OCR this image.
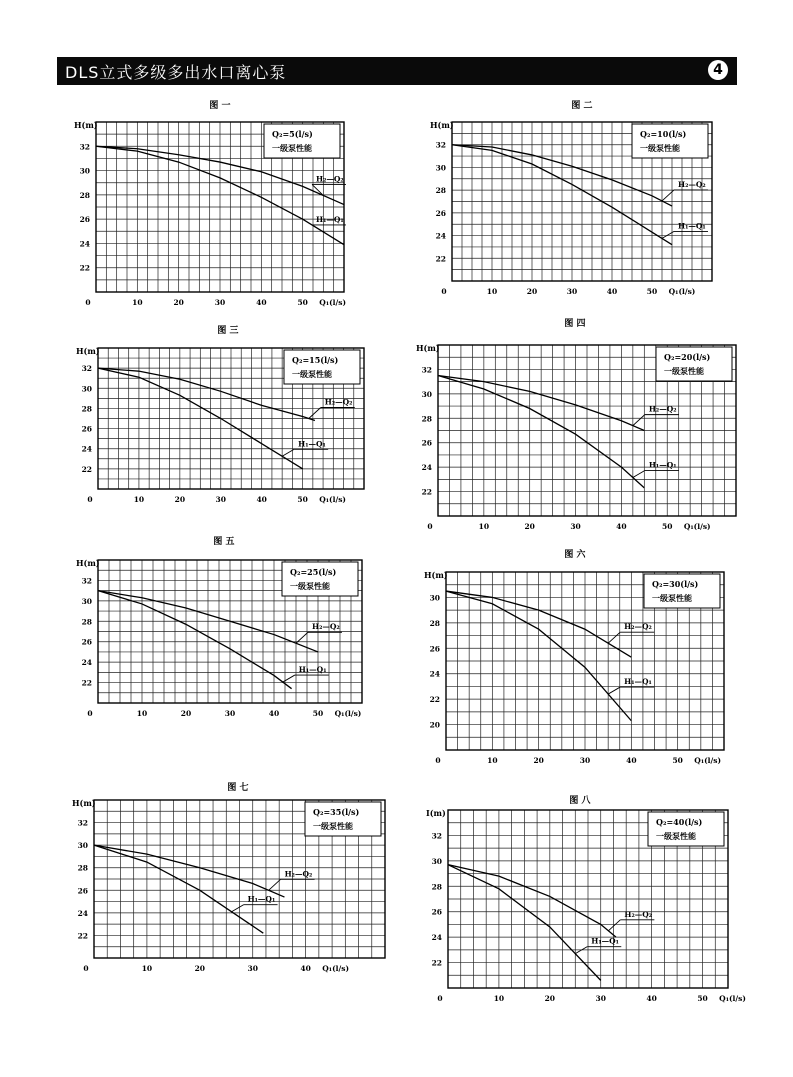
DLS立式多级多出水口离心泵	4
Q₂=5(l/s)
一级泵性能
图 一
H(m)
22
24
26
28
30
32
0	10	20	30	40	50 Q₁(l/s)
H₂—Q₂
H₁—Q₁
Q₂=10(l/s)
一级泵性能
图 二
H(m)
22
24
26
28
30
32
0	10	20	30	40	50 Q₁(l/s)
H₂—Q₂
H₁—Q₁
Q₂=15(l/s)
一级泵性能
图 三
H(m)
22
24
26
28
30
32
0	10	20	30	40	50 Q₁(l/s)
H₂—Q₂
H₁—Q₁
Q₂=20(l/s)
一级泵性能
图 四
H(m)
22
24
26
28
30
32
0	10	20	30	40	50 Q₁(l/s)
H₂—Q₂
H₁—Q₁
Q₂=25(l/s)
一级泵性能
图 五
H(m)
22
24
26
28
30
32
0	10	20	30	40	50 Q₁(l/s)
H₂—Q₂
H₁—Q₁
Q₂=30(l/s)
一级泵性能
图 六
H(m)
20
22
24
26
28
30
0	10	20	30	40	50 Q₁(l/s)
H₂—Q₂
H₁—Q₁
Q₂=35(l/s)
一级泵性能
图 七
H(m)
22
24
26
28
30
32
0	10	20	30	40 Q₁(l/s)
H₂—Q₂
H₁—Q₁
Q₂=40(l/s)
一级泵性能
图 八
I(m)
22
24
26
28
30
32
0	10	20	30	40	50 Q₁(l/s)
H₂—Q₂
H₁—Q₁
